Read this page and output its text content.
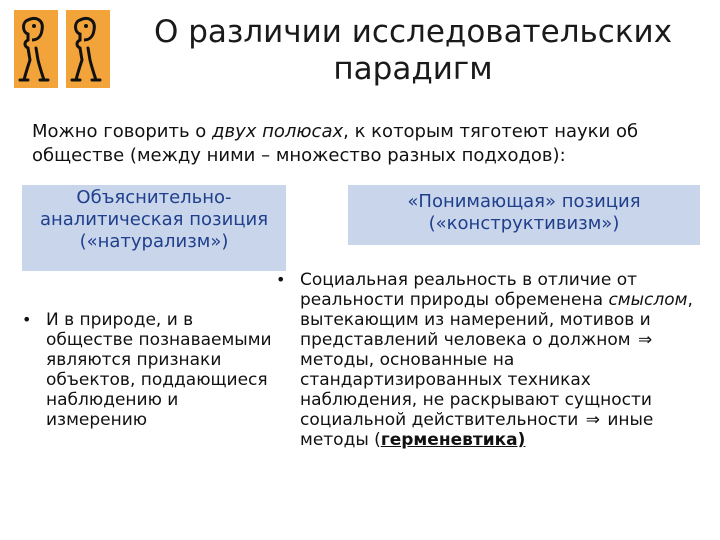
О различии исследовательских
парадигм
Можно говорить о двух полюсах, к которым тяготеют науки об обществе (между ними – множество разных подходов):
Объяснительно-
аналитическая позиция
(«натурализм»)
«Понимающая» позиция
(«конструктивизм»)
• И в природе, и в обществе познаваемыми являются признаки объектов, поддающиеся наблюдению и измерению
• Социальная реальность в отличие от реальности природы обременена смыслом, вытекающим из намерений, мотивов и представлений человека о должном ⇒ методы, основанные на стандартизированных техниках наблюдения, не раскрывают сущности социальной действительности ⇒ иные методы (герменевтика)
